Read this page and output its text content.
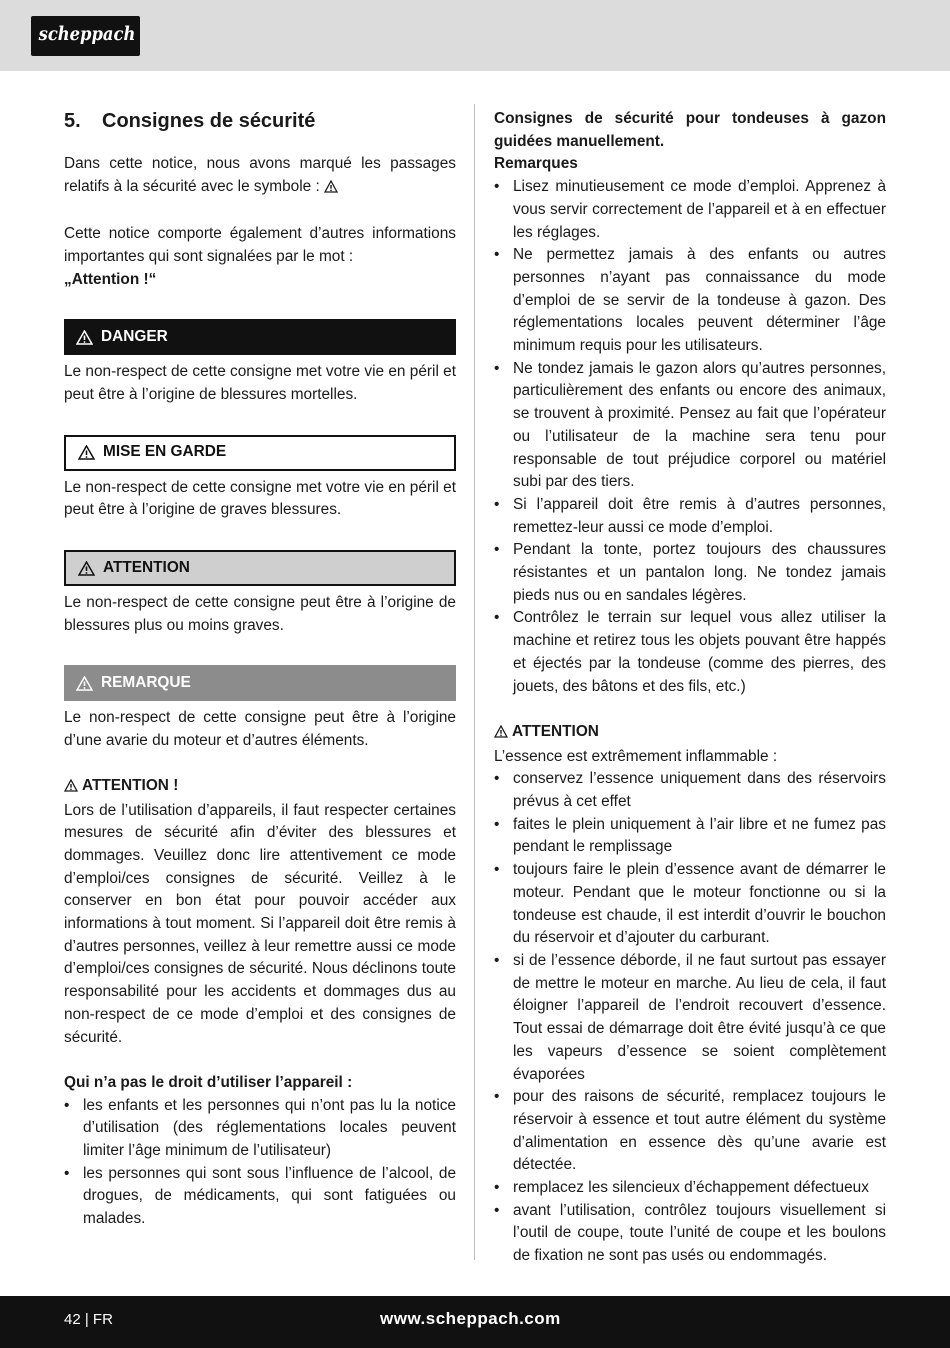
scheppach
5.	Consignes de sécurité

Dans cette notice, nous avons marqué les passages relatifs à la sécurité avec le symbole :

Cette notice comporte également d’autres informations importantes qui sont signalées par le mot :
„Attention !“

DANGER

Le non-respect de cette consigne met votre vie en péril et peut être à l’origine de blessures mortelles.

MISE EN GARDE

Le non-respect de cette consigne met votre vie en péril et peut être à l’origine de graves blessures.

ATTENTION

Le non-respect de cette consigne peut être à l’origine de blessures plus ou moins graves.

REMARQUE

Le non-respect de cette consigne peut être à l’origine d’une avarie du moteur et d’autres éléments.

ATTENTION !

Lors de l’utilisation d’appareils, il faut respecter certaines mesures de sécurité afin d’éviter des blessures et dommages. Veuillez donc lire attentivement ce mode d’emploi/ces consignes de sécurité. Veillez à le conserver en bon état pour pouvoir accéder aux informations à tout moment. Si l’appareil doit être remis à d’autres personnes, veillez à leur remettre aussi ce mode d’emploi/ces consignes de sécurité. Nous déclinons toute responsabilité pour les accidents et dommages dus au non-respect de ce mode d’emploi et des consignes de sécurité.

Qui n’a pas le droit d’utiliser l’appareil :

• les enfants et les personnes qui n’ont pas lu la notice d’utilisation (des réglementations locales peuvent limiter l’âge minimum de l’utilisateur)
• les personnes qui sont sous l’influence de l’alcool, de drogues, de médicaments, qui sont fatiguées ou malades.

Consignes de sécurité pour tondeuses à gazon guidées manuellement.

Remarques

• Lisez minutieusement ce mode d’emploi. Apprenez à vous servir correctement de l’appareil et à en effectuer les réglages.
• Ne permettez jamais à des enfants ou autres personnes n’ayant pas connaissance du mode d’emploi de se servir de la tondeuse à gazon. Des réglementations locales peuvent déterminer l’âge minimum requis pour les utilisateurs.
• Ne tondez jamais le gazon alors qu’autres personnes, particulièrement des enfants ou encore des animaux, se trouvent à proximité. Pensez au fait que l’opérateur ou l’utilisateur de la machine sera tenu pour responsable de tout préjudice corporel ou matériel subi par des tiers.
• Si l’appareil doit être remis à d’autres personnes, remettez-leur aussi ce mode d’emploi.
• Pendant la tonte, portez toujours des chaussures résistantes et un pantalon long. Ne tondez jamais pieds nus ou en sandales légères.
• Contrôlez le terrain sur lequel vous allez utiliser la machine et retirez tous les objets pouvant être happés et éjectés par la tondeuse (comme des pierres, des jouets, des bâtons et des fils, etc.)

ATTENTION

L’essence est extrêmement inflammable :

• conservez l’essence uniquement dans des réservoirs prévus à cet effet
• faites le plein uniquement à l’air libre et ne fumez pas pendant le remplissage
• toujours faire le plein d’essence avant de démarrer le moteur. Pendant que le moteur fonctionne ou si la tondeuse est chaude, il est interdit d’ouvrir le bouchon du réservoir et d’ajouter du carburant.
• si de l’essence déborde, il ne faut surtout pas essayer de mettre le moteur en marche. Au lieu de cela, il faut éloigner l’appareil de l’endroit recouvert d’essence. Tout essai de démarrage doit être évité jusqu’à ce que les vapeurs d’essence se soient complètement évaporées
• pour des raisons de sécurité, remplacez toujours le réservoir à essence et tout autre élément du système d’alimentation en essence dès qu’une avarie est détectée.
• remplacez les silencieux d’échappement défectueux
• avant l’utilisation, contrôlez toujours visuellement si l’outil de coupe, toute l’unité de coupe et les boulons de fixation ne sont pas usés ou endommagés.
42 | FR	www.scheppach.com
